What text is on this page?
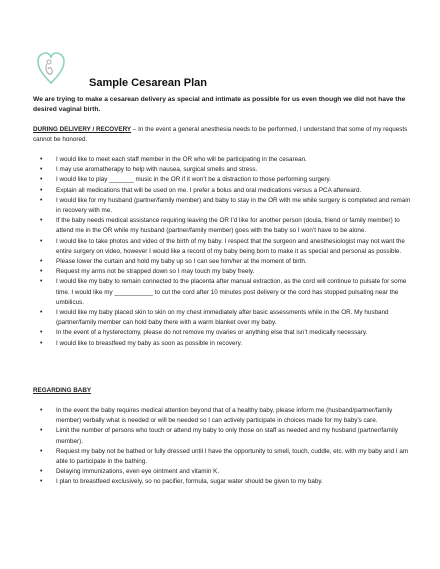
Sample Cesarean Plan

We are trying to make a cesarean delivery as special and intimate as possible for us even though we did not have the desired vaginal birth.

DURING DELIVERY / RECOVERY – In the event a general anesthesia needs to be performed, I understand that some of my requests cannot be honored.

• I would like to meet each staff member in the OR who will be participating in the cesarean.
• I may use aromatherapy to help with nausea, surgical smells and stress.
• I would like to play _______ music in the OR if it won’t be a distraction to those performing surgery.
• Explain all medications that will be used on me. I prefer a bolus and oral medications versus a PCA afterward.
• I would like for my husband (partner/family member) and baby to stay in the OR with me while surgery is completed and remain in recovery with me.
• If the baby needs medical assistance requiring leaving the OR I’d like for another person (doula, friend or family member) to attend me in the OR while my husband (partner/family member) goes with the baby so I won’t have to be alone.
• I would like to take photos and video of the birth of my baby. I respect that the surgeon and anesthesiologist may not want the entire surgery on video, however I would like a record of my baby being born to make it as special and personal as possible.
• Please lower the curtain and hold my baby up so I can see him/her at the moment of birth.
• Request my arms not be strapped down so I may touch my baby freely.
• I would like my baby to remain connected to the placenta after manual extraction, as the cord will continue to pulsate for some time. I would like my ___________ to cut the cord after 10 minutes post delivery or the cord has stopped pulsating near the umbilicus.
• I would like my baby placed skin to skin on my chest immediately after basic assessments while in the OR. My husband (partner/family member can hold baby there with a warm blanket over my baby.
• In the event of a hysterectomy, please do not remove my ovaries or anything else that isn’t medically necessary.
• I would like to breastfeed my baby as soon as possible in recovery.

REGARDING BABY

• In the event the baby requires medical attention beyond that of a healthy baby, please inform me (husband/partner/family member) verbally what is needed or will be needed so I can actively participate in choices made for my baby’s care.
• Limit the number of persons who touch or attend my baby to only those on staff as needed and my husband (partner/family member).
• Request my baby not be bathed or fully dressed until I have the opportunity to smell, touch, cuddle, etc. with my baby and I am able to participate in the bathing.
• Delaying immunizations, even eye ointment and vitamin K.
• I plan to breastfeed exclusively, so no pacifier, formula, sugar water should be given to my baby.
